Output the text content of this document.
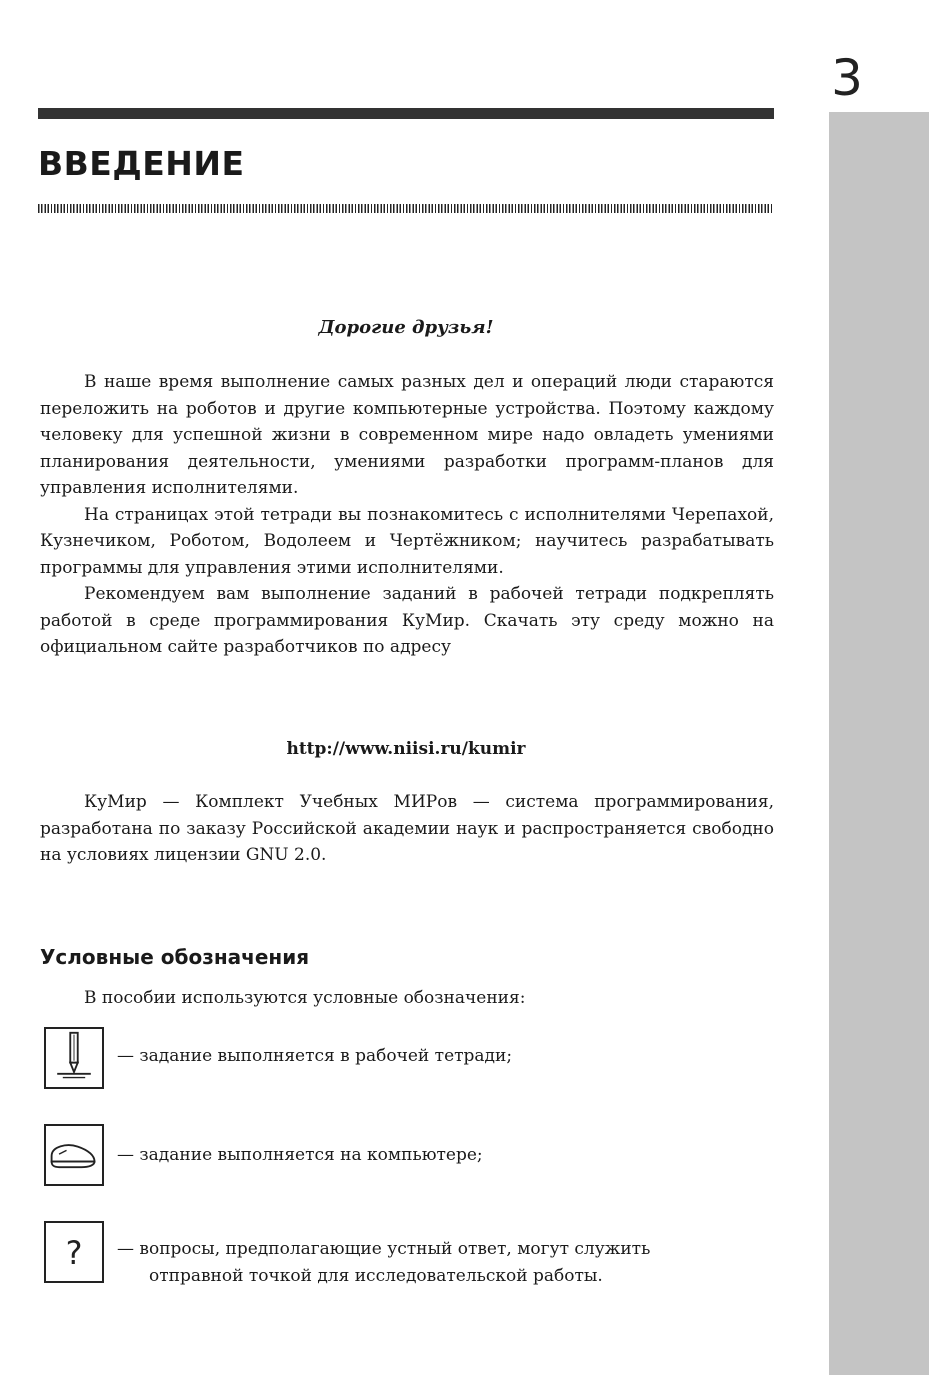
3
ВВЕДЕНИЕ
Дорогие друзья!

В наше время выполнение самых разных дел и операций люди стараются переложить на роботов и другие компьютерные устройства. Поэтому каждому человеку для успешной жизни в современном мире надо овладеть умениями планирования деятельности, умениями разработки программ-планов для управления исполнителями.

На страницах этой тетради вы познакомитесь с исполнителями Черепахой, Кузнечиком, Роботом, Водолеем и Чертёжником; научитесь разрабатывать программы для управления этими исполнителями.

Рекомендуем вам выполнение заданий в рабочей тетради подкреплять работой в среде программирования КуМир. Скачать эту среду можно на официальном сайте разработчиков по адресу

http://www.niisi.ru/kumir

КуМир — Комплект Учебных МИРов — система программирования, разработана по заказу Российской академии наук и распространяется свободно на условиях лицензии GNU 2.0.

Условные обозначения
В пособии используются условные обозначения:
— задание выполняется в рабочей тетради;
— задание выполняется на компьютере;
? — вопросы, предполагающие устный ответ, могут служить
отправной точкой для исследовательской работы.
